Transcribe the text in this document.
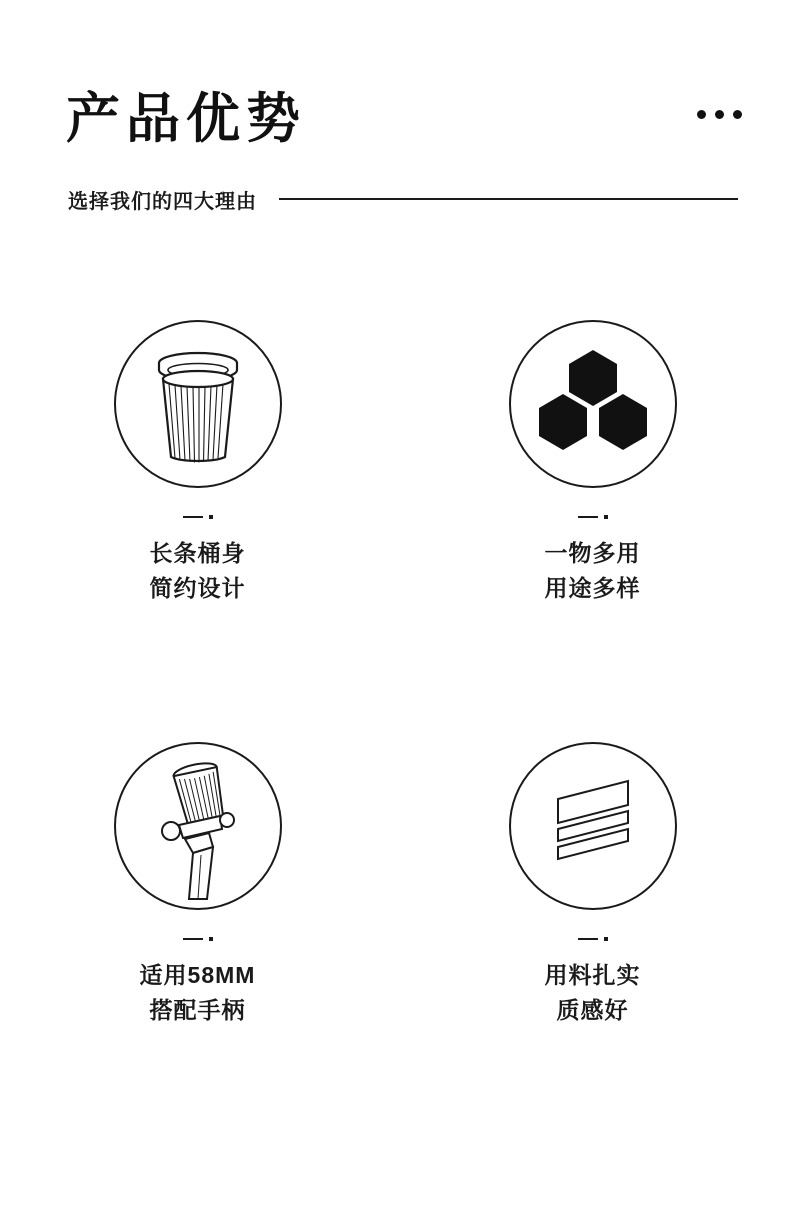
产品优势
选择我们的四大理由
长条桶身
简约设计
一物多用
用途多样
适用58MM
搭配手柄
用料扎实
质感好
